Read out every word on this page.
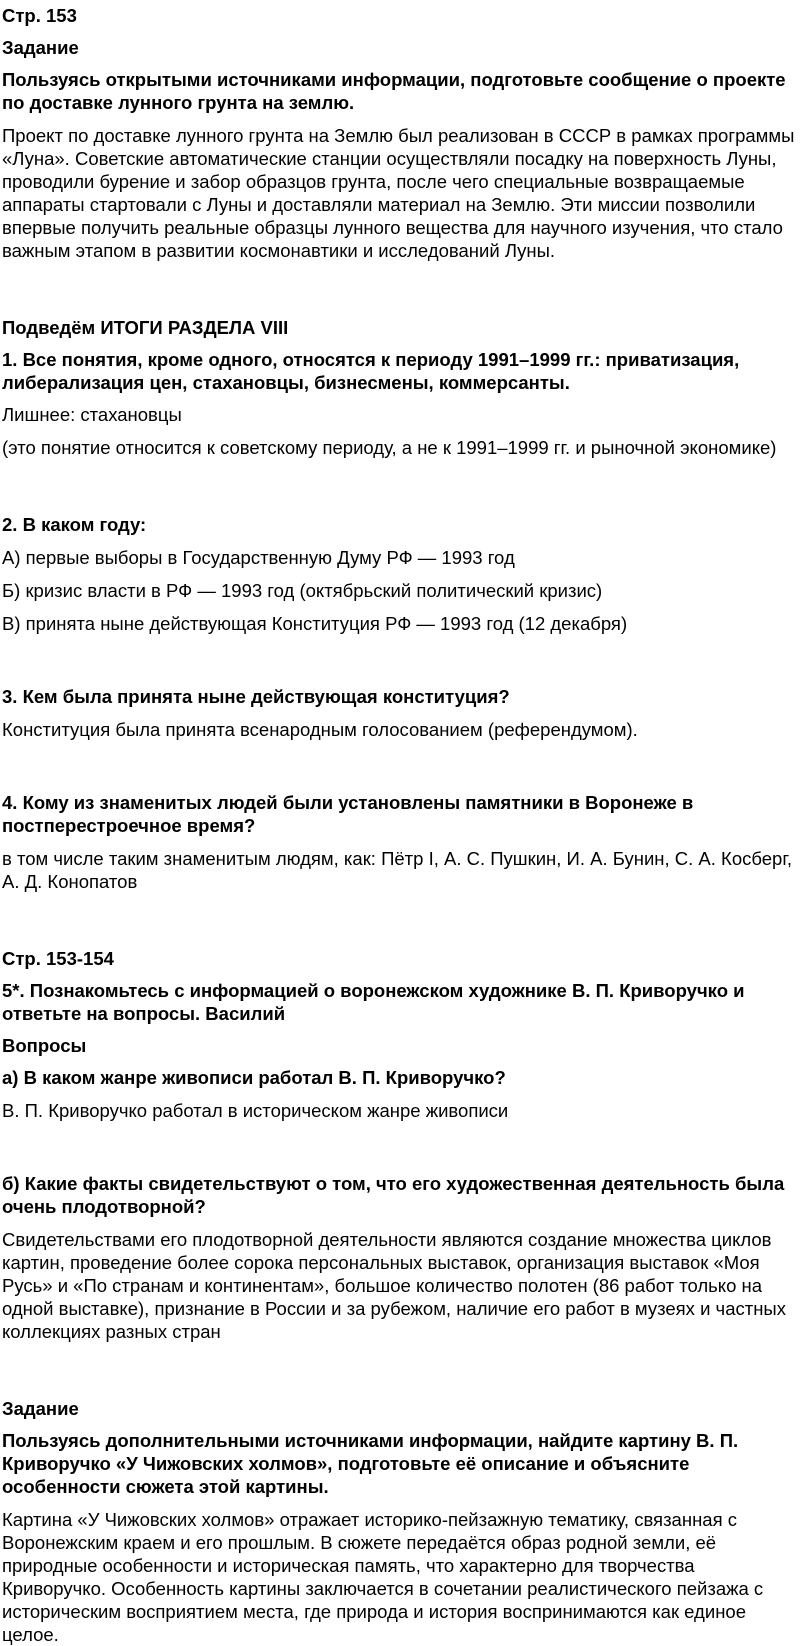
Стр. 153

Задание

Пользуясь открытыми источниками информации, подготовьте сообщение о проекте по доставке лунного грунта на землю.

Проект по доставке лунного грунта на Землю был реализован в СССР в рамках программы «Луна». Советские автоматические станции осуществляли посадку на поверхность Луны, проводили бурение и забор образцов грунта, после чего специальные возвращаемые аппараты стартовали с Луны и доставляли материал на Землю. Эти миссии позволили впервые получить реальные образцы лунного вещества для научного изучения, что стало важным этапом в развитии космонавтики и исследований Луны.

Подведём ИТОГИ РАЗДЕЛА VIII

1. Все понятия, кроме одного, относятся к периоду 1991–1999 гг.: приватизация, либерализация цен, стахановцы, бизнесмены, коммерсанты.

Лишнее: стахановцы

(это понятие относится к советскому периоду, а не к 1991–1999 гг. и рыночной экономике)

2. В каком году:

А) первые выборы в Государственную Думу РФ — 1993 год

Б) кризис власти в РФ — 1993 год (октябрьский политический кризис)

В) принята ныне действующая Конституция РФ — 1993 год (12 декабря)

3. Кем была принята ныне действующая конституция?

Конституция была принята всенародным голосованием (референдумом).

4. Кому из знаменитых людей были установлены памятники в Воронеже в постперестроечное время?

в том числе таким знаменитым людям, как: Пётр I, А. С. Пушкин, И. А. Бунин, С. А. Косберг, А. Д. Конопатов

Стр. 153-154

5*. Познакомьтесь с информацией о воронежском художнике В. П. Криворучко и ответьте на вопросы. Василий

Вопросы

а) В каком жанре живописи работал В. П. Криворучко?

В. П. Криворучко работал в историческом жанре живописи

б) Какие факты свидетельствуют о том, что его художественная деятельность была очень плодотворной?

Свидетельствами его плодотворной деятельности являются создание множества циклов картин, проведение более сорока персональных выставок, организация выставок «Моя Русь» и «По странам и континентам», большое количество полотен (86 работ только на одной выставке), признание в России и за рубежом, наличие его работ в музеях и частных коллекциях разных стран

Задание

Пользуясь дополнительными источниками информации, найдите картину В. П. Криворучко «У Чижовских холмов», подготовьте её описание и объясните особенности сюжета этой картины.

Картина «У Чижовских холмов» отражает историко-пейзажную тематику, связанная с Воронежским краем и его прошлым. В сюжете передаётся образ родной земли, её природные особенности и историческая память, что характерно для творчества Криворучко. Особенность картины заключается в сочетании реалистического пейзажа с историческим восприятием места, где природа и история воспринимаются как единое целое.
